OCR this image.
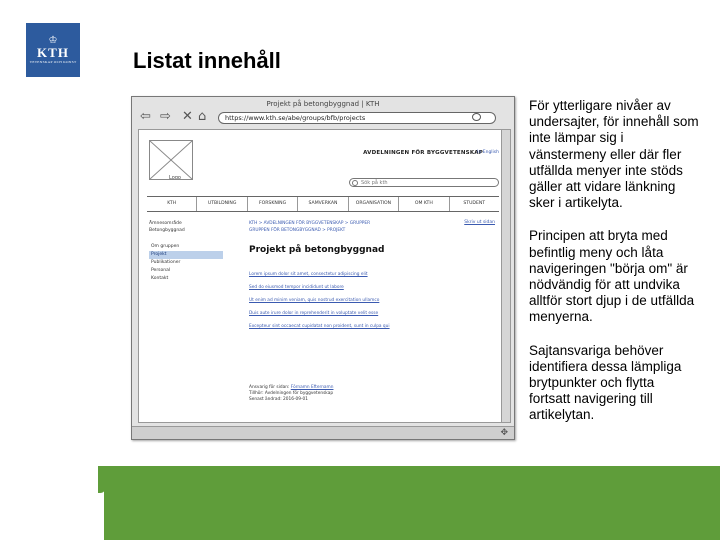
♔
KTH
VETENSKAP OCH KONST	Listat innehåll
Projekt på betongbyggnad | KTH
⇦ ⇨ ✕ ⌂	https://www.kth.se/abe/groups/bfb/projects
Logo
AVDELNINGEN FÖR BYGGVETENSKAP
In English
Sök på kth
KTH	UTBILDNING	FORSKNING	SAMVERKAN	ORGANISATION	OM KTH	STUDENT
Ämnesområde
Betongbyggnad
Om gruppen
Projekt
Publikationer
Personal
Kontakt
KTH > AVDELNINGEN FÖR BYGGVETENSKAP > GRUPPER
GRUPPEN FÖR BETONGBYGGNAD > PROJEKT
Skriv ut sidan
Projekt på betongbyggnad
Lorem ipsum dolor sit amet, consectetur adipiscing elit
Sed do eiusmod tempor incididunt ut labore
Ut enim ad minim veniam, quis nostrud exercitation ullamco
Duis aute irure dolor in reprehenderit in voluptate velit esse
Excepteur sint occaecat cupidatat non proident, sunt in culpa qui
Ansvarig för sidan: Förnamn Efternamn
Tillhör: Avdelningen för byggvetenskap
Senast ändrad: 2016-09-01
✥

För ytterligare nivåer av undersajter, för innehåll som inte lämpar sig i vänstermeny eller där fler utfällda menyer inte stöds gäller att vidare länkning sker i artikelyta.

Principen att bryta med befintlig meny och låta navigeringen "börja om" är nödvändig för att undvika alltför stort djup i de utfällda menyerna.

Sajtansvariga behöver identifiera dessa lämpliga brytpunkter och flytta fortsatt navigering till artikelytan.
